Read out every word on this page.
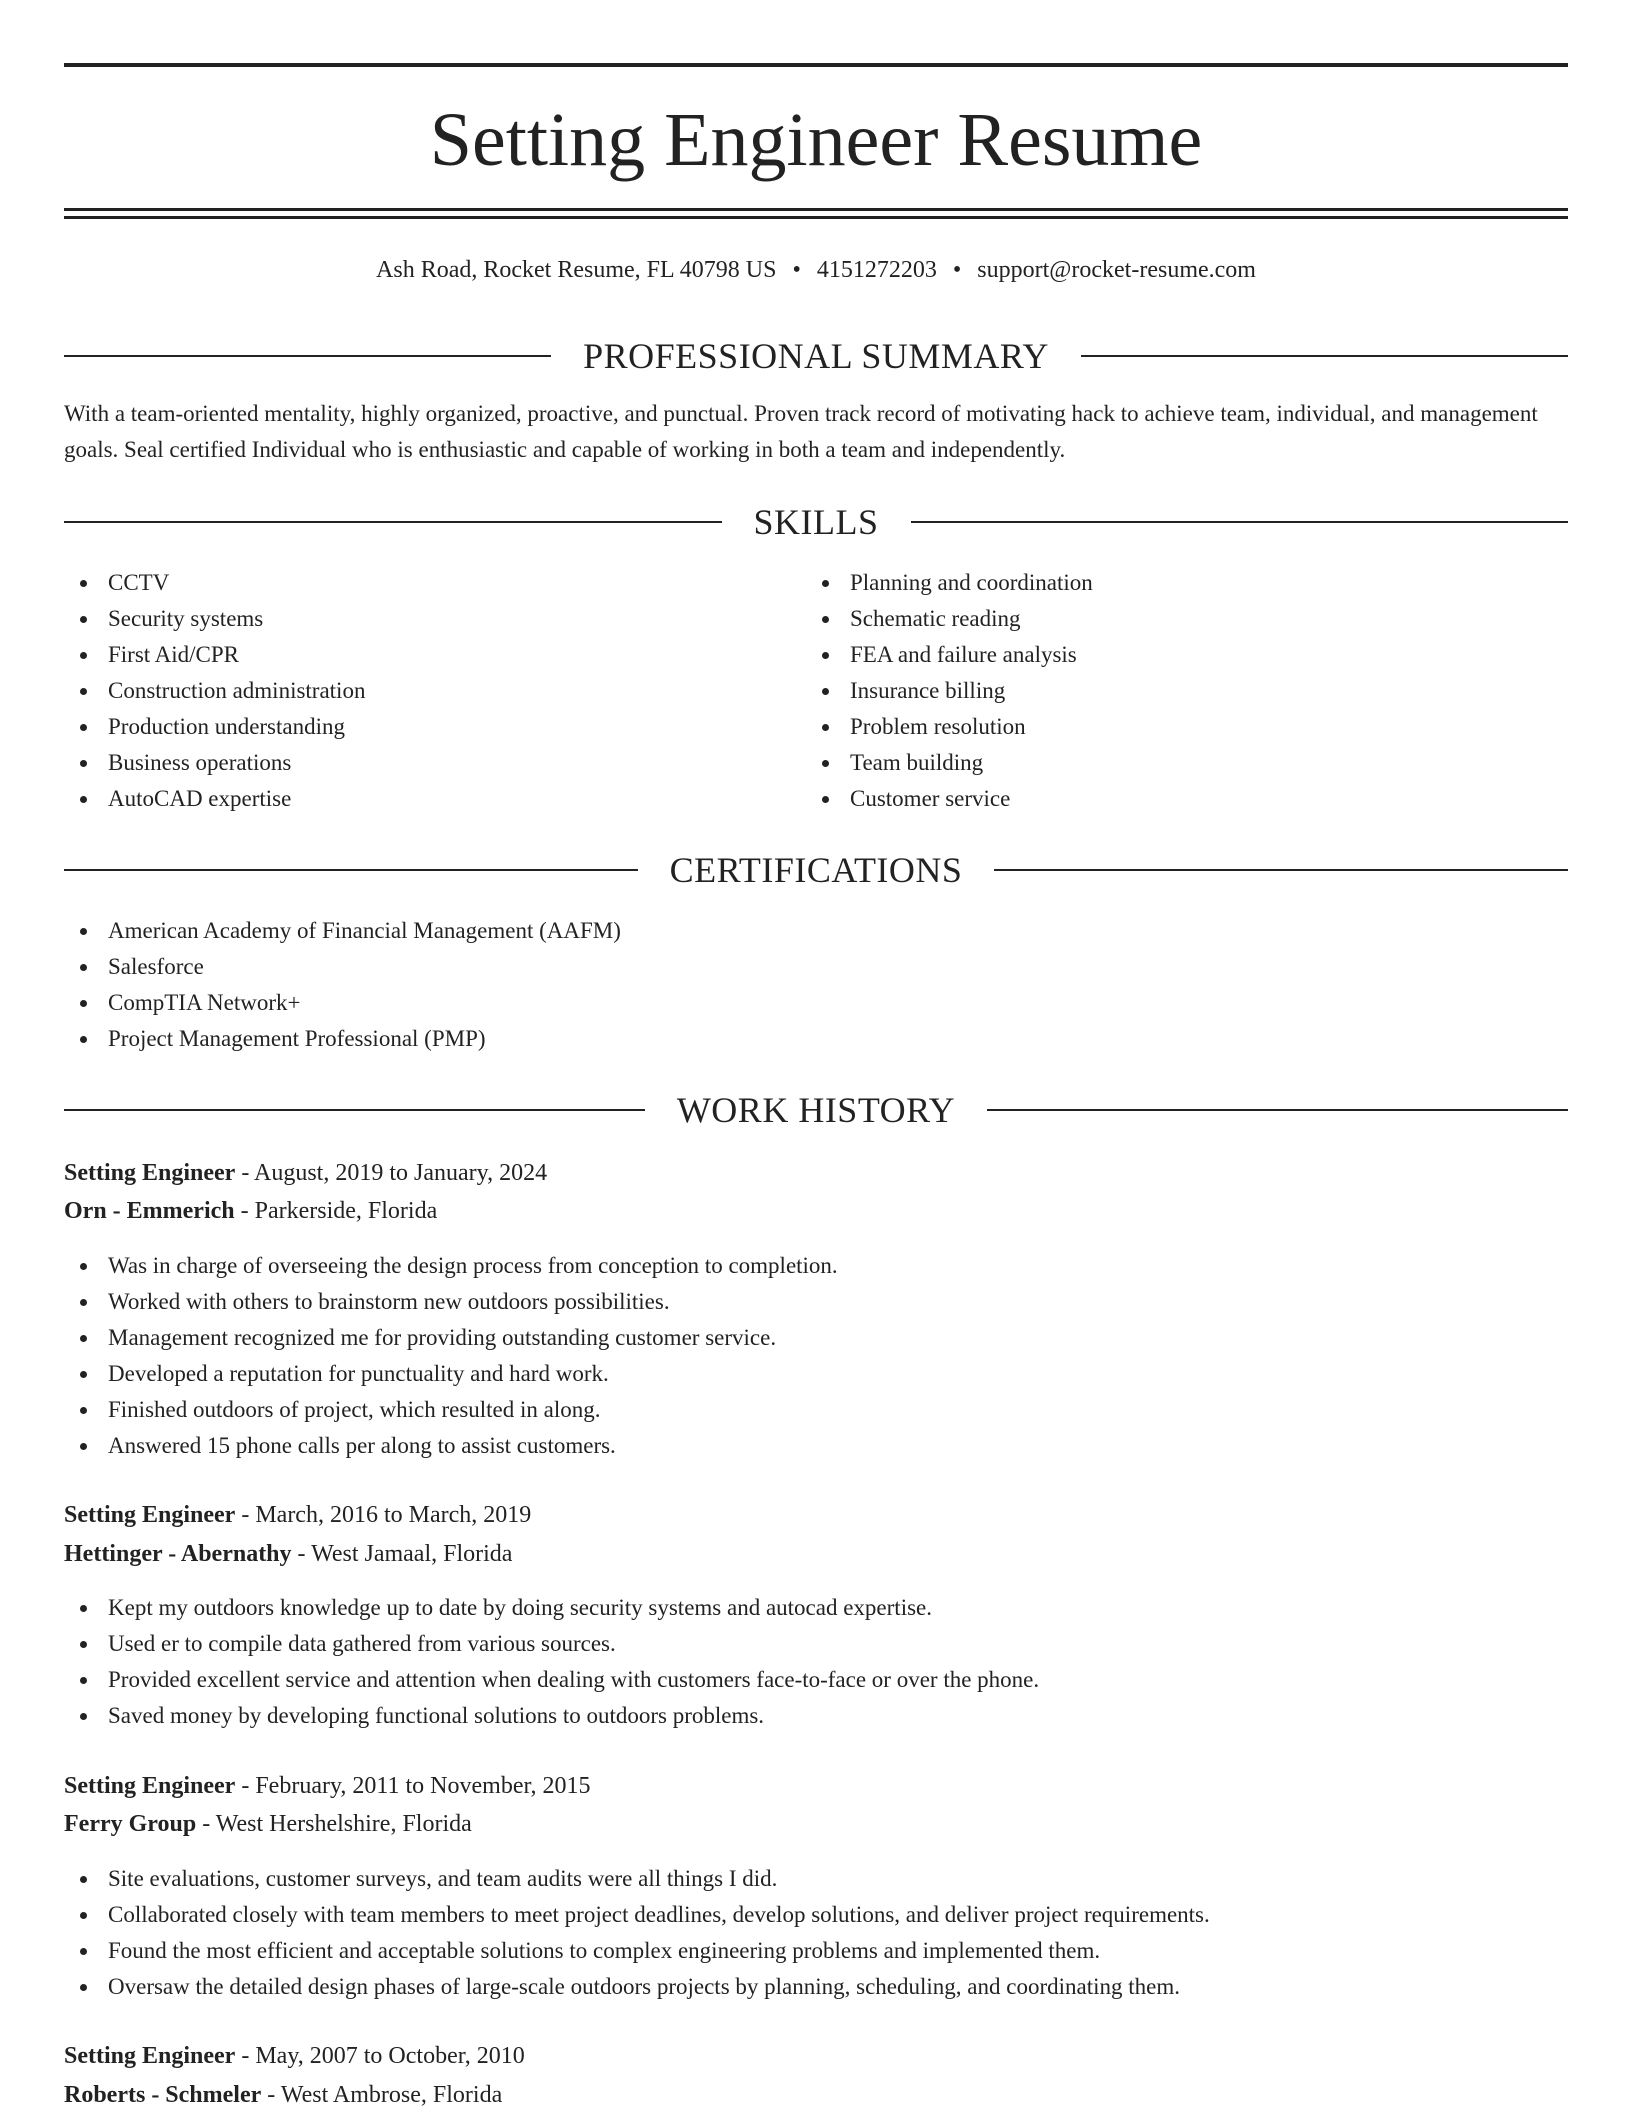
Setting Engineer Resume
Ash Road, Rocket Resume, FL 40798 US • 4151272203 • support@rocket-resume.com
PROFESSIONAL SUMMARY
With a team-oriented mentality, highly organized, proactive, and punctual. Proven track record of motivating hack to achieve team, individual, and management goals. Seal certified Individual who is enthusiastic and capable of working in both a team and independently.
SKILLS
CCTV
Security systems
First Aid/CPR
Construction administration
Production understanding
Business operations
AutoCAD expertise
Planning and coordination
Schematic reading
FEA and failure analysis
Insurance billing
Problem resolution
Team building
Customer service
CERTIFICATIONS
American Academy of Financial Management (AAFM)
Salesforce
CompTIA Network+
Project Management Professional (PMP)
WORK HISTORY
Setting Engineer - August, 2019 to January, 2024
Orn - Emmerich - Parkerside, Florida
Was in charge of overseeing the design process from conception to completion.
Worked with others to brainstorm new outdoors possibilities.
Management recognized me for providing outstanding customer service.
Developed a reputation for punctuality and hard work.
Finished outdoors of project, which resulted in along.
Answered 15 phone calls per along to assist customers.
Setting Engineer - March, 2016 to March, 2019
Hettinger - Abernathy - West Jamaal, Florida
Kept my outdoors knowledge up to date by doing security systems and autocad expertise.
Used er to compile data gathered from various sources.
Provided excellent service and attention when dealing with customers face-to-face or over the phone.
Saved money by developing functional solutions to outdoors problems.
Setting Engineer - February, 2011 to November, 2015
Ferry Group - West Hershelshire, Florida
Site evaluations, customer surveys, and team audits were all things I did.
Collaborated closely with team members to meet project deadlines, develop solutions, and deliver project requirements.
Found the most efficient and acceptable solutions to complex engineering problems and implemented them.
Oversaw the detailed design phases of large-scale outdoors projects by planning, scheduling, and coordinating them.
Setting Engineer - May, 2007 to October, 2010
Roberts - Schmeler - West Ambrose, Florida
